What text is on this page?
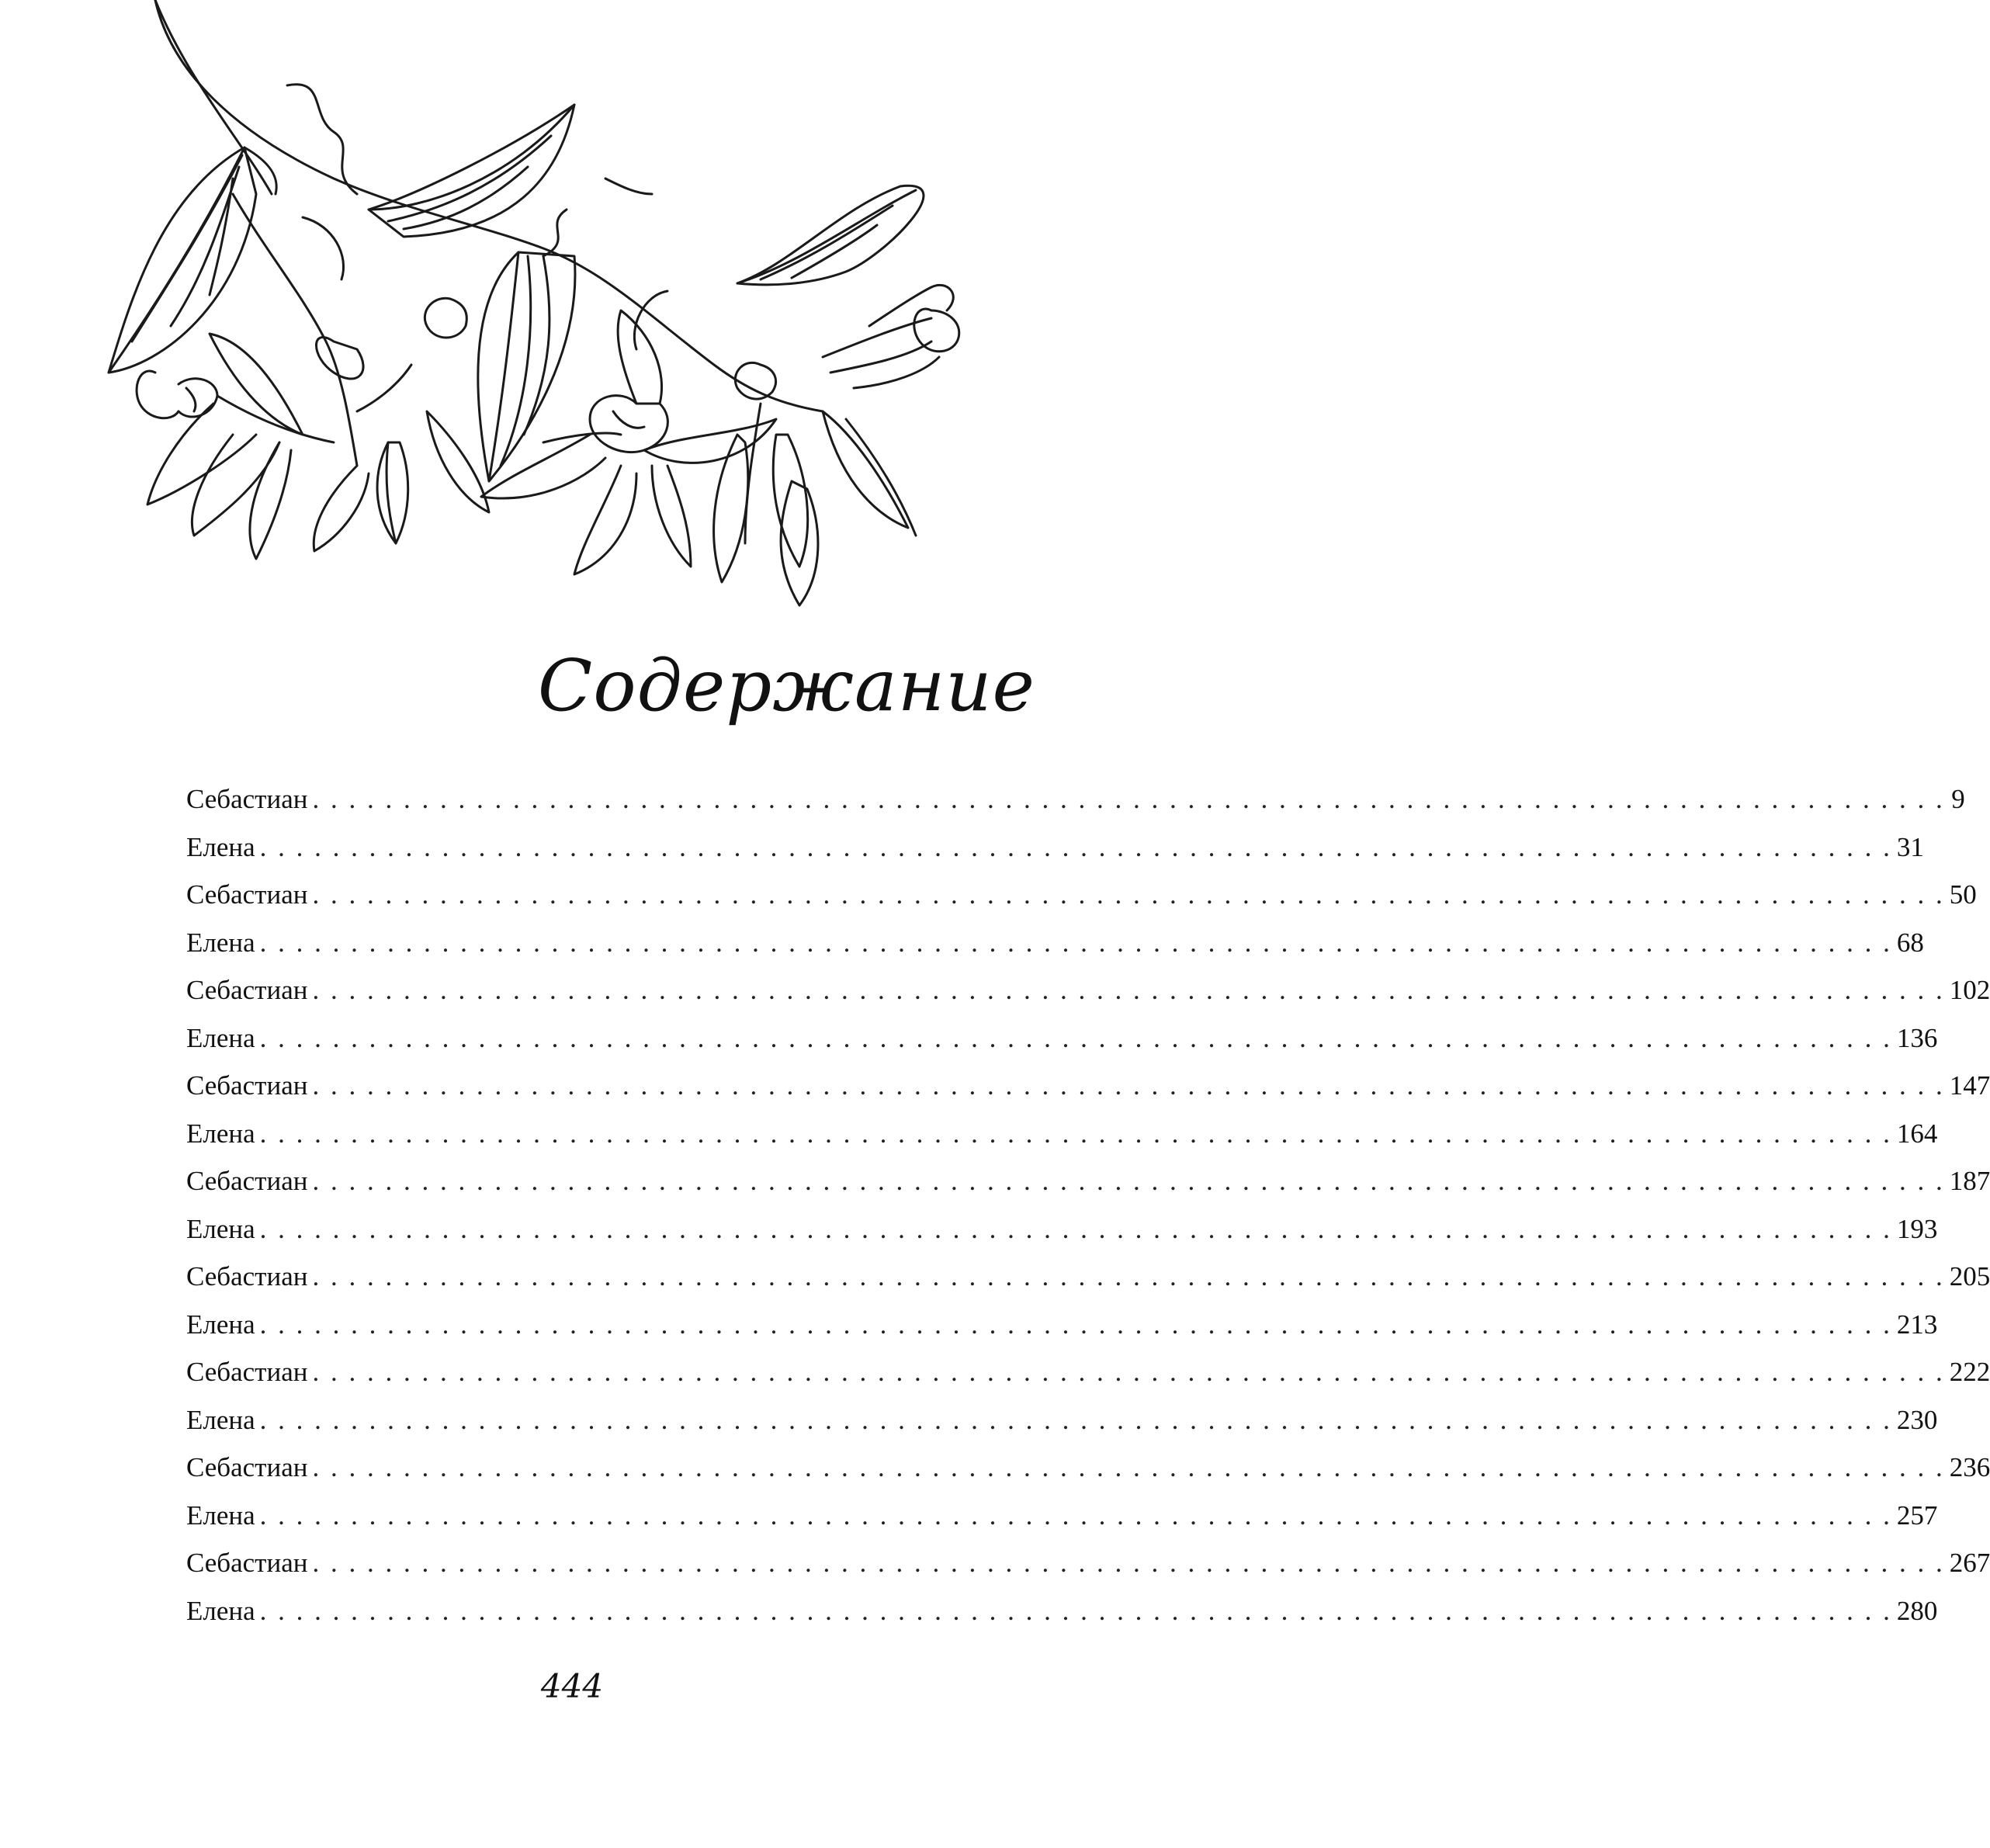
Содержание
Себастиан . . . . . . . . . . . . . . . . . . . . . . . . . . . . . . . . . . . . . . . . . . . . . . . . . . . . . . . . . . . . . . . . . . . . . . . . . . . . . . . . . . . . . . . . . . 9
Елена . . . . . . . . . . . . . . . . . . . . . . . . . . . . . . . . . . . . . . . . . . . . . . . . . . . . . . . . . . . . . . . . . . . . . . . . . . . . . . . . . . . . . . . . . . 31
Себастиан . . . . . . . . . . . . . . . . . . . . . . . . . . . . . . . . . . . . . . . . . . . . . . . . . . . . . . . . . . . . . . . . . . . . . . . . . . . . . . . . . . . . . . . . . . 50
Елена . . . . . . . . . . . . . . . . . . . . . . . . . . . . . . . . . . . . . . . . . . . . . . . . . . . . . . . . . . . . . . . . . . . . . . . . . . . . . . . . . . . . . . . . . . 68
Себастиан . . . . . . . . . . . . . . . . . . . . . . . . . . . . . . . . . . . . . . . . . . . . . . . . . . . . . . . . . . . . . . . . . . . . . . . . . . . . . . . . . . . . . . . . . . 102
Елена . . . . . . . . . . . . . . . . . . . . . . . . . . . . . . . . . . . . . . . . . . . . . . . . . . . . . . . . . . . . . . . . . . . . . . . . . . . . . . . . . . . . . . . . . . 136
Себастиан . . . . . . . . . . . . . . . . . . . . . . . . . . . . . . . . . . . . . . . . . . . . . . . . . . . . . . . . . . . . . . . . . . . . . . . . . . . . . . . . . . . . . . . . . . 147
Елена . . . . . . . . . . . . . . . . . . . . . . . . . . . . . . . . . . . . . . . . . . . . . . . . . . . . . . . . . . . . . . . . . . . . . . . . . . . . . . . . . . . . . . . . . . 164
Себастиан . . . . . . . . . . . . . . . . . . . . . . . . . . . . . . . . . . . . . . . . . . . . . . . . . . . . . . . . . . . . . . . . . . . . . . . . . . . . . . . . . . . . . . . . . . 187
Елена . . . . . . . . . . . . . . . . . . . . . . . . . . . . . . . . . . . . . . . . . . . . . . . . . . . . . . . . . . . . . . . . . . . . . . . . . . . . . . . . . . . . . . . . . . 193
Себастиан . . . . . . . . . . . . . . . . . . . . . . . . . . . . . . . . . . . . . . . . . . . . . . . . . . . . . . . . . . . . . . . . . . . . . . . . . . . . . . . . . . . . . . . . . . 205
Елена . . . . . . . . . . . . . . . . . . . . . . . . . . . . . . . . . . . . . . . . . . . . . . . . . . . . . . . . . . . . . . . . . . . . . . . . . . . . . . . . . . . . . . . . . . 213
Себастиан . . . . . . . . . . . . . . . . . . . . . . . . . . . . . . . . . . . . . . . . . . . . . . . . . . . . . . . . . . . . . . . . . . . . . . . . . . . . . . . . . . . . . . . . . . 222
Елена . . . . . . . . . . . . . . . . . . . . . . . . . . . . . . . . . . . . . . . . . . . . . . . . . . . . . . . . . . . . . . . . . . . . . . . . . . . . . . . . . . . . . . . . . . 230
Себастиан . . . . . . . . . . . . . . . . . . . . . . . . . . . . . . . . . . . . . . . . . . . . . . . . . . . . . . . . . . . . . . . . . . . . . . . . . . . . . . . . . . . . . . . . . . 236
Елена . . . . . . . . . . . . . . . . . . . . . . . . . . . . . . . . . . . . . . . . . . . . . . . . . . . . . . . . . . . . . . . . . . . . . . . . . . . . . . . . . . . . . . . . . . 257
Себастиан . . . . . . . . . . . . . . . . . . . . . . . . . . . . . . . . . . . . . . . . . . . . . . . . . . . . . . . . . . . . . . . . . . . . . . . . . . . . . . . . . . . . . . . . . . 267
Елена . . . . . . . . . . . . . . . . . . . . . . . . . . . . . . . . . . . . . . . . . . . . . . . . . . . . . . . . . . . . . . . . . . . . . . . . . . . . . . . . . . . . . . . . . . 280
444
